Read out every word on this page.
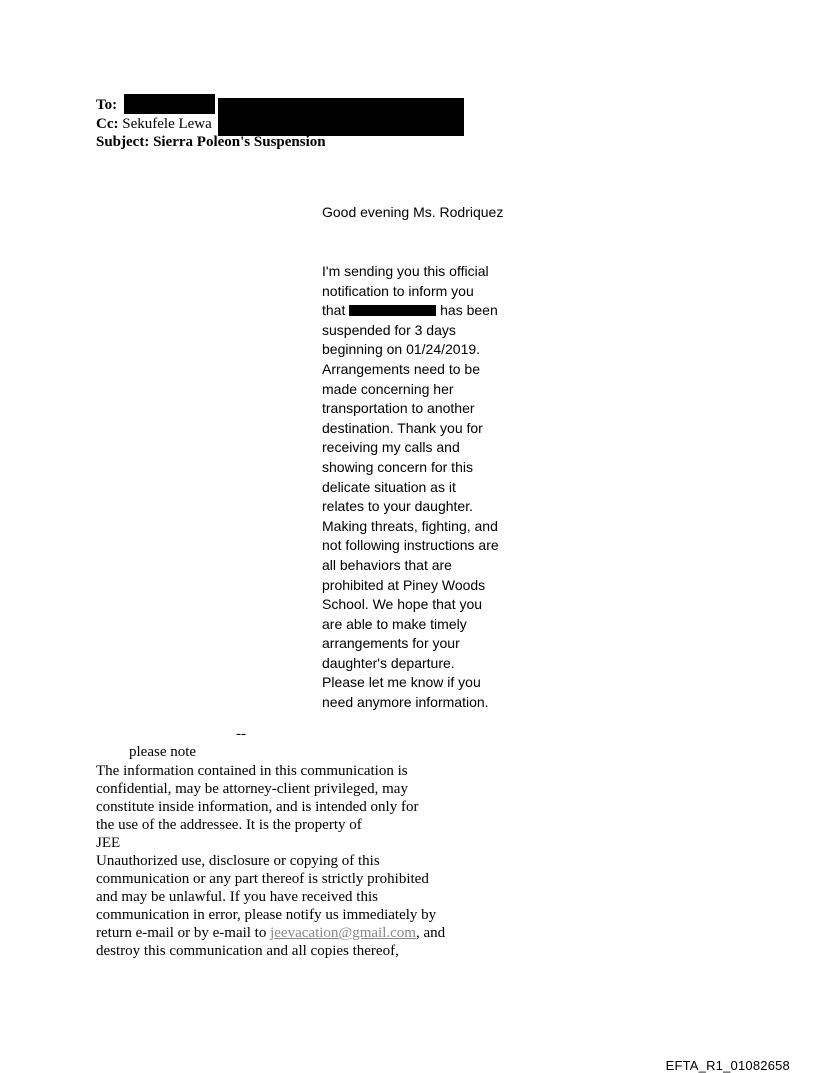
To:
Cc: Sekufele Lewa
Subject: Sierra Poleon's Suspension

Good evening Ms. Rodriquez

I'm sending you this official
notification to inform you
that	has been
suspended for 3 days
beginning on 01/24/2019.
Arrangements need to be
made concerning her
transportation to another
destination. Thank you for
receiving my calls and
showing concern for this
delicate situation as it
relates to your daughter.
Making threats, fighting, and
not following instructions are
all behaviors that are
prohibited at Piney Woods
School. We hope that you
are able to make timely
arrangements for your
daughter's departure.
Please let me know if you
need anymore information.

--
please note
The information contained in this communication is
confidential, may be attorney-client privileged, may
constitute inside information, and is intended only for
the use of the addressee. It is the property of
JEE
Unauthorized use, disclosure or copying of this
communication or any part thereof is strictly prohibited
and may be unlawful. If you have received this
communication in error, please notify us immediately by
return e-mail or by e-mail to jeevacation@gmail.com, and
destroy this communication and all copies thereof,
EFTA_R1_01082658
